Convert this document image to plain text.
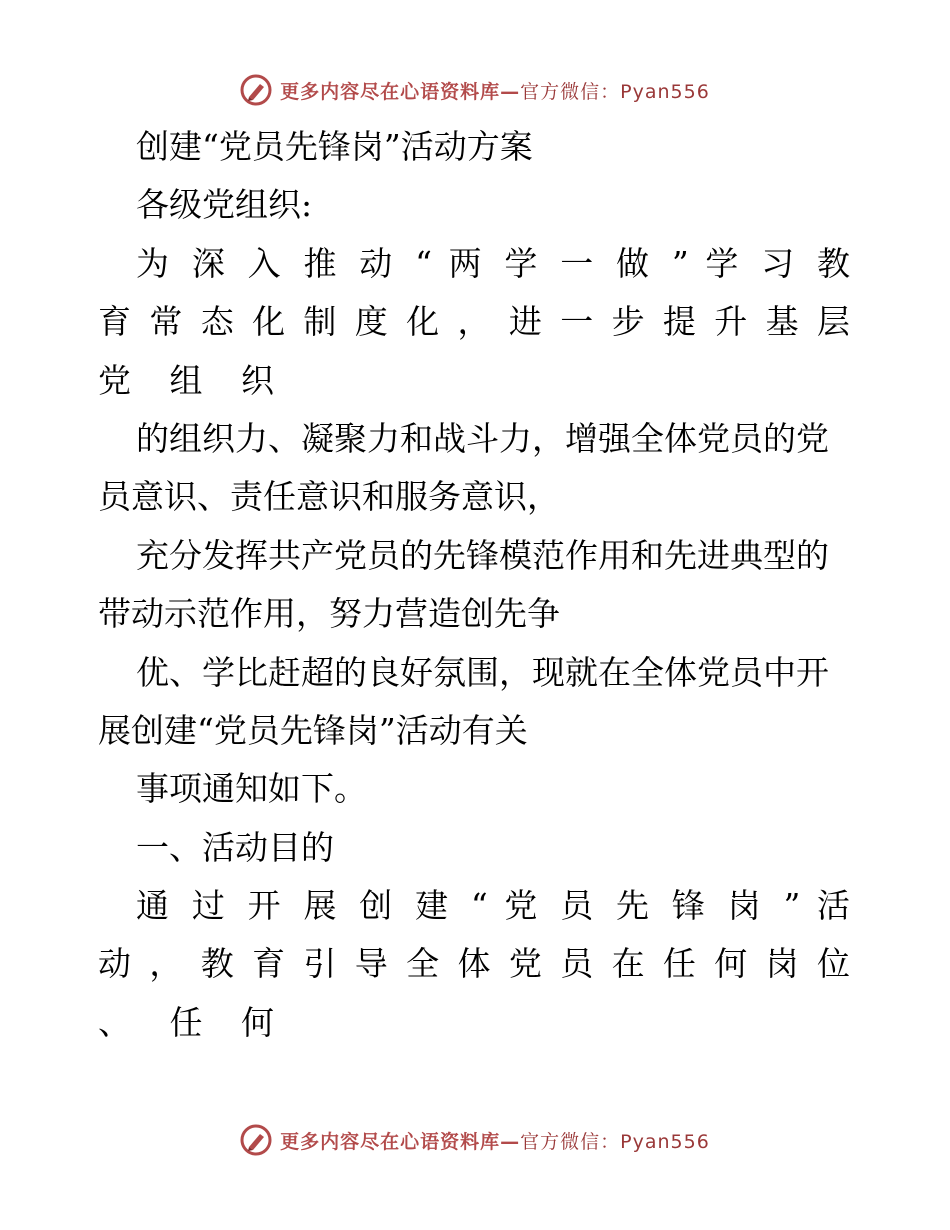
更多内容尽在心语资料库—官方微信：Pyan556
创建“党员先锋岗”活动方案
各级党组织:
为 深 入 推 动 “ 两 学 一 做 ” 学 习 教
育 常 态 化 制 度 化 ， 进 一 步 提 升 基 层
党 组 织
的组织力、凝聚力和战斗力，增强全体党员的党
员意识、责任意识和服务意识，
充分发挥共产党员的先锋模范作用和先进典型的
带动示范作用，努力营造创先争
优、学比赶超的良好氛围，现就在全体党员中开
展创建“党员先锋岗”活动有关
事项通知如下。
一、活动目的
通 过 开 展 创 建 “ 党 员 先 锋 岗 ” 活
动 ， 教 育 引 导 全 体 党 员 在 任 何 岗 位
、 任 何
更多内容尽在心语资料库—官方微信：Pyan556
